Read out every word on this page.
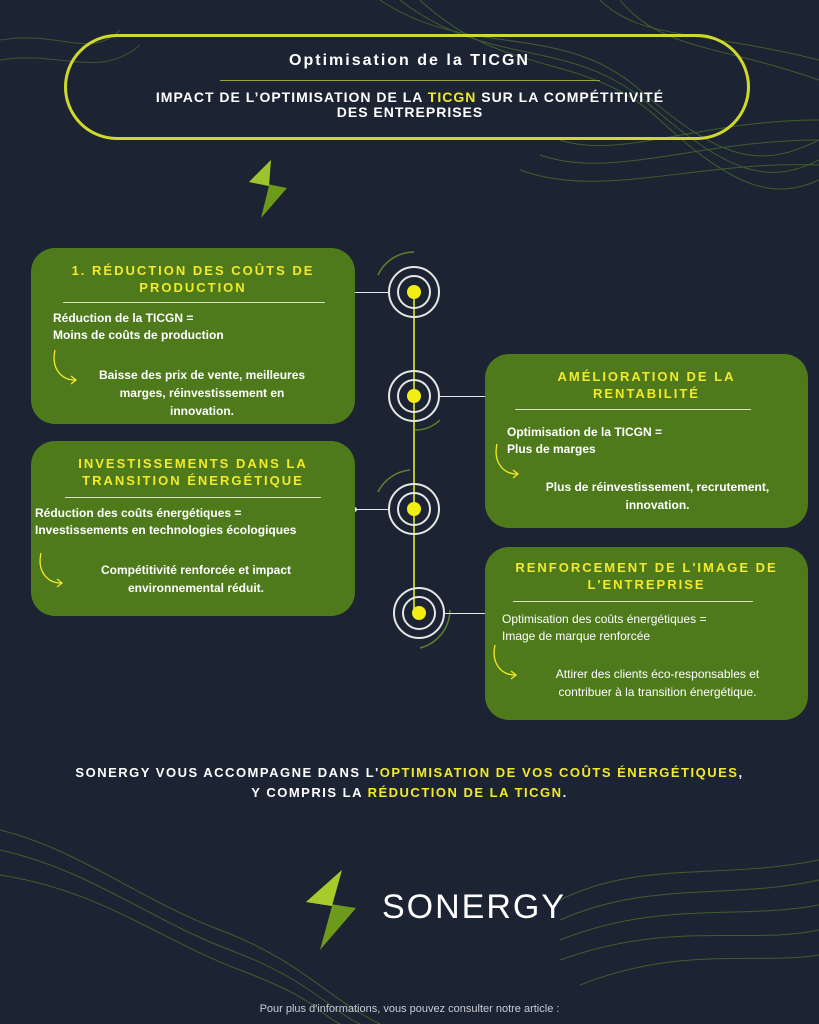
Optimisation de la TICGN
IMPACT DE L’OPTIMISATION DE LA TICGN SUR LA COMPÉTITIVITÉ
DES ENTREPRISES
1. RÉDUCTION DES COÛTS DE
PRODUCTION
Réduction de la TICGN =
Moins de coûts de production
Baisse des prix de vente, meilleures
marges, réinvestissement en
innovation.
AMÉLIORATION DE LA
RENTABILITÉ
Optimisation de la TICGN =
Plus de marges
Plus de réinvestissement, recrutement,
innovation.
INVESTISSEMENTS DANS LA
TRANSITION ÉNERGÉTIQUE
Réduction des coûts énergétiques =
Investissements en technologies écologiques
Compétitivité renforcée et impact
environnemental réduit.
RENFORCEMENT DE L'IMAGE DE
L'ENTREPRISE
Optimisation des coûts énergétiques =
Image de marque renforcée
Attirer des clients éco-responsables et
contribuer à la transition énergétique.
SONERGY VOUS ACCOMPAGNE DANS L'OPTIMISATION DE VOS COÛTS ÉNERGÉTIQUES,
Y COMPRIS LA RÉDUCTION DE LA TICGN.
SONERGY
Pour plus d'informations, vous pouvez consulter notre article :
